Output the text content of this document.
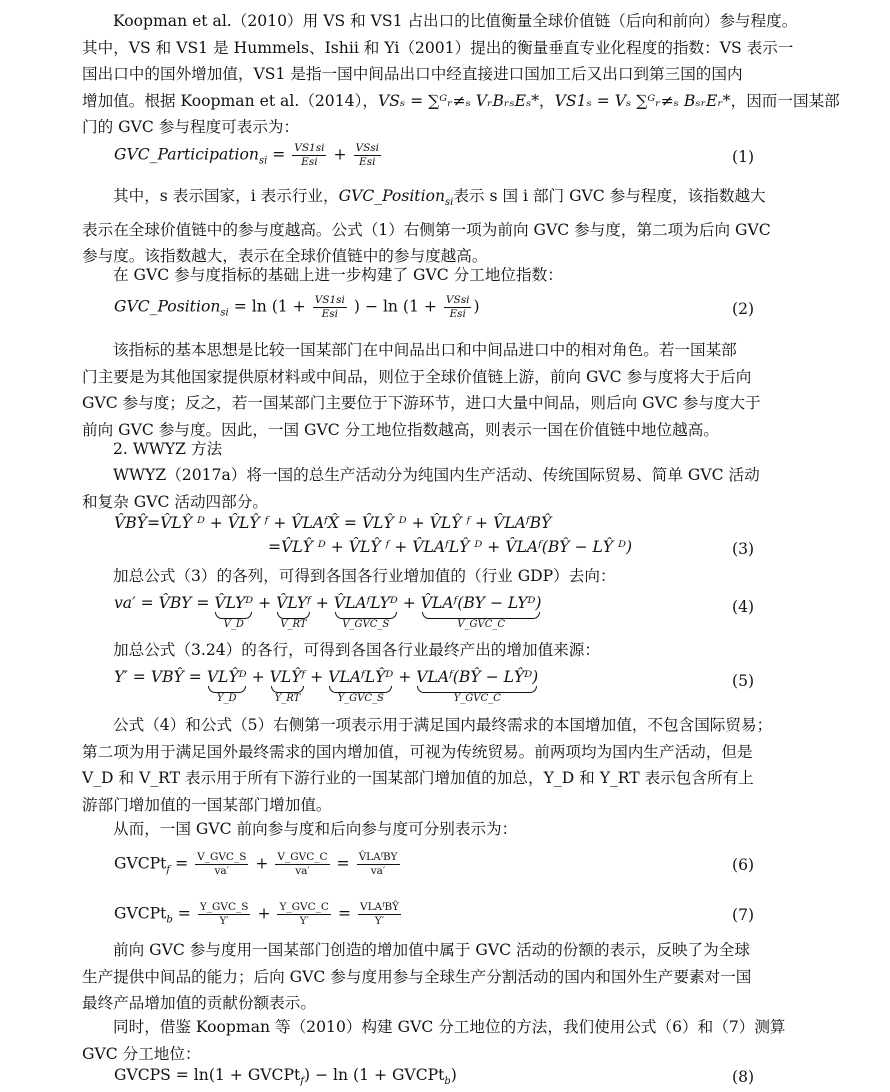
Koopman et al.（2010）用 VS 和 VS1 占出口的比值衡量全球价值链（后向和前向）参与程度。
其中，VS 和 VS1 是 Hummels、Ishii 和 Yi（2001）提出的衡量垂直专业化程度的指数：VS 表示一
国出口中的国外增加值，VS1 是指一国中间品出口中经直接进口国加工后又出口到第三国的国内
增加值。根据 Koopman et al.（2014），VSₛ = ∑ᴳᵣ≠ₛ VᵣBᵣₛEₛ*，VS1ₛ = Vₛ ∑ᴳᵣ≠ₛ BₛᵣEᵣ*，因而一国某部
门的 GVC 参与程度可表示为：
GVC_Participation$_{si}$ = $\frac{VS1si}{\text{Esi}} + \frac{\text{VSsi}}{\text{Esi}}$	(1)
其中，s 表示国家，i 表示行业，GVC_Position$_{si}$表示 s 国 i 部门 GVC 参与程度，该指数越大
表示在全球价值链中的参与度越高。公式（1）右侧第一项为前向 GVC 参与度，第二项为后向 GVC
参与度。该指数越大，表示在全球价值链中的参与度越高。
在 GVC 参与度指标的基础上进一步构建了 GVC 分工地位指数：
GVC_Position$_{si}$ = $\ln (1 + \frac{VS1si}{\text{Esi}}$ ) − $\ln (1 + \frac{\text{VSsi}}{\text{Esi}}$ )	(2)
该指标的基本思想是比较一国某部门在中间品出口和中间品进口中的相对角色。若一国某部
门主要是为其他国家提供原材料或中间品，则位于全球价值链上游，前向 GVC 参与度将大于后向
GVC 参与度；反之，若一国某部门主要位于下游环节，进口大量中间品，则后向 GVC 参与度大于
前向 GVC 参与度。因此，一国 GVC 分工地位指数越高，则表示一国在价值链中地位越高。
2. WWYZ 方法
WWYZ（2017a）将一国的总生产活动分为纯国内生产活动、传统国际贸易、简单 GVC 活动
和复杂 GVC 活动四部分。
V̂BŶ=V̂LŶ ᴰ + V̂LŶ ᶠ + V̂LAᶠX̂ = V̂LŶ ᴰ + V̂LŶ ᶠ + V̂LAᶠBŶ
=V̂LŶ ᴰ + V̂LŶ ᶠ + V̂LAᶠLŶ ᴰ + V̂LAᶠ(BŶ − LŶ ᴰ)	(3)
加总公式（3）的各列，可得到各国各行业增加值的（行业 GDP）去向：
va′ = V̂BY = V̂LYᴰ
V_D
+ V̂LYᶠ
V_RT
+ V̂LAᶠLYᴰ
V_GVC_S
+ V̂LAᶠ(BY − LYᴰ)
V_GVC_C
(4)
加总公式（3.24）的各行，可得到各国各行业最终产出的增加值来源：
Y′ = VBŶ = VLŶᴰ
Y_D
+ VLŶᶠ
Y_RT
+ VLAᶠLŶᴰ
Y_GVC_S
+ VLAᶠ(BŶ − LŶᴰ)
Y_GVC_C
(5)
公式（4）和公式（5）右侧第一项表示用于满足国内最终需求的本国增加值，不包含国际贸易；
第二项为用于满足国外最终需求的国内增加值，可视为传统贸易。前两项均为国内生产活动，但是
V_D 和 V_RT 表示用于所有下游行业的一国某部门增加值的加总，Y_D 和 Y_RT 表示包含所有上
游部门增加值的一国某部门增加值。
从而，一国 GVC 前向参与度和后向参与度可分别表示为：
GVCPt$_f$ = $\frac{\text{V\_GVC\_S}}{va'} + \frac{\text{V\_GVC\_C}}{va'} = \frac{\text{V̂LAᶠBY}}{va'}$	(6)
GVCPt$_b$ = $\frac{\text{Y\_GVC\_S}}{Y'} + \frac{\text{Y\_GVC\_C}}{Y'} = \frac{\text{VLAᶠBŶ}}{Y'}$	(7)
前向 GVC 参与度用一国某部门创造的增加值中属于 GVC 活动的份额的表示，反映了为全球
生产提供中间品的能力；后向 GVC 参与度用参与全球生产分割活动的国内和国外生产要素对一国
最终产品增加值的贡献份额表示。
同时，借鉴 Koopman 等（2010）构建 GVC 分工地位的方法，我们使用公式（6）和（7）测算
GVC 分工地位：
GVCPS = ln(1 + GVCPt$_f$) − ln (1 + GVCPt$_b$)	(8)
